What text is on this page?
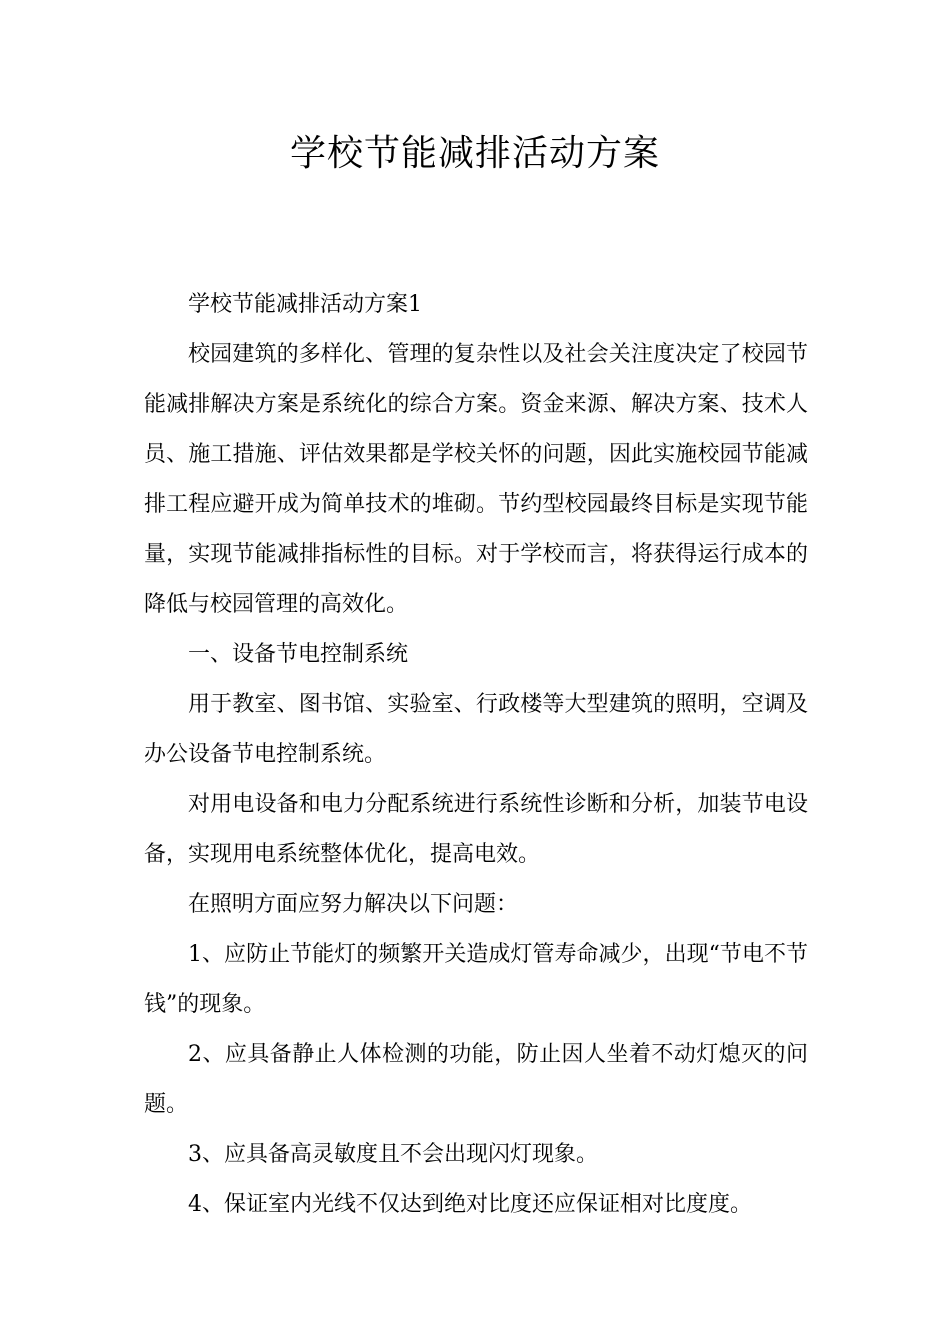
学校节能减排活动方案

学校节能减排活动方案1

校园建筑的多样化、管理的复杂性以及社会关注度决定了校园节能减排解决方案是系统化的综合方案。资金来源、解决方案、技术人员、施工措施、评估效果都是学校关怀的问题，因此实施校园节能减排工程应避开成为简单技术的堆砌。节约型校园最终目标是实现节能量，实现节能减排指标性的目标。对于学校而言，将获得运行成本的降低与校园管理的高效化。

一、设备节电控制系统

用于教室、图书馆、实验室、行政楼等大型建筑的照明，空调及办公设备节电控制系统。

对用电设备和电力分配系统进行系统性诊断和分析，加装节电设备，实现用电系统整体优化，提高电效。

在照明方面应努力解决以下问题：

1、应防止节能灯的频繁开关造成灯管寿命减少，出现“节电不节钱”的现象。

2、应具备静止人体检测的功能，防止因人坐着不动灯熄灭的问题。

3、应具备高灵敏度且不会出现闪灯现象。

4、保证室内光线不仅达到绝对比度还应保证相对比度度。
